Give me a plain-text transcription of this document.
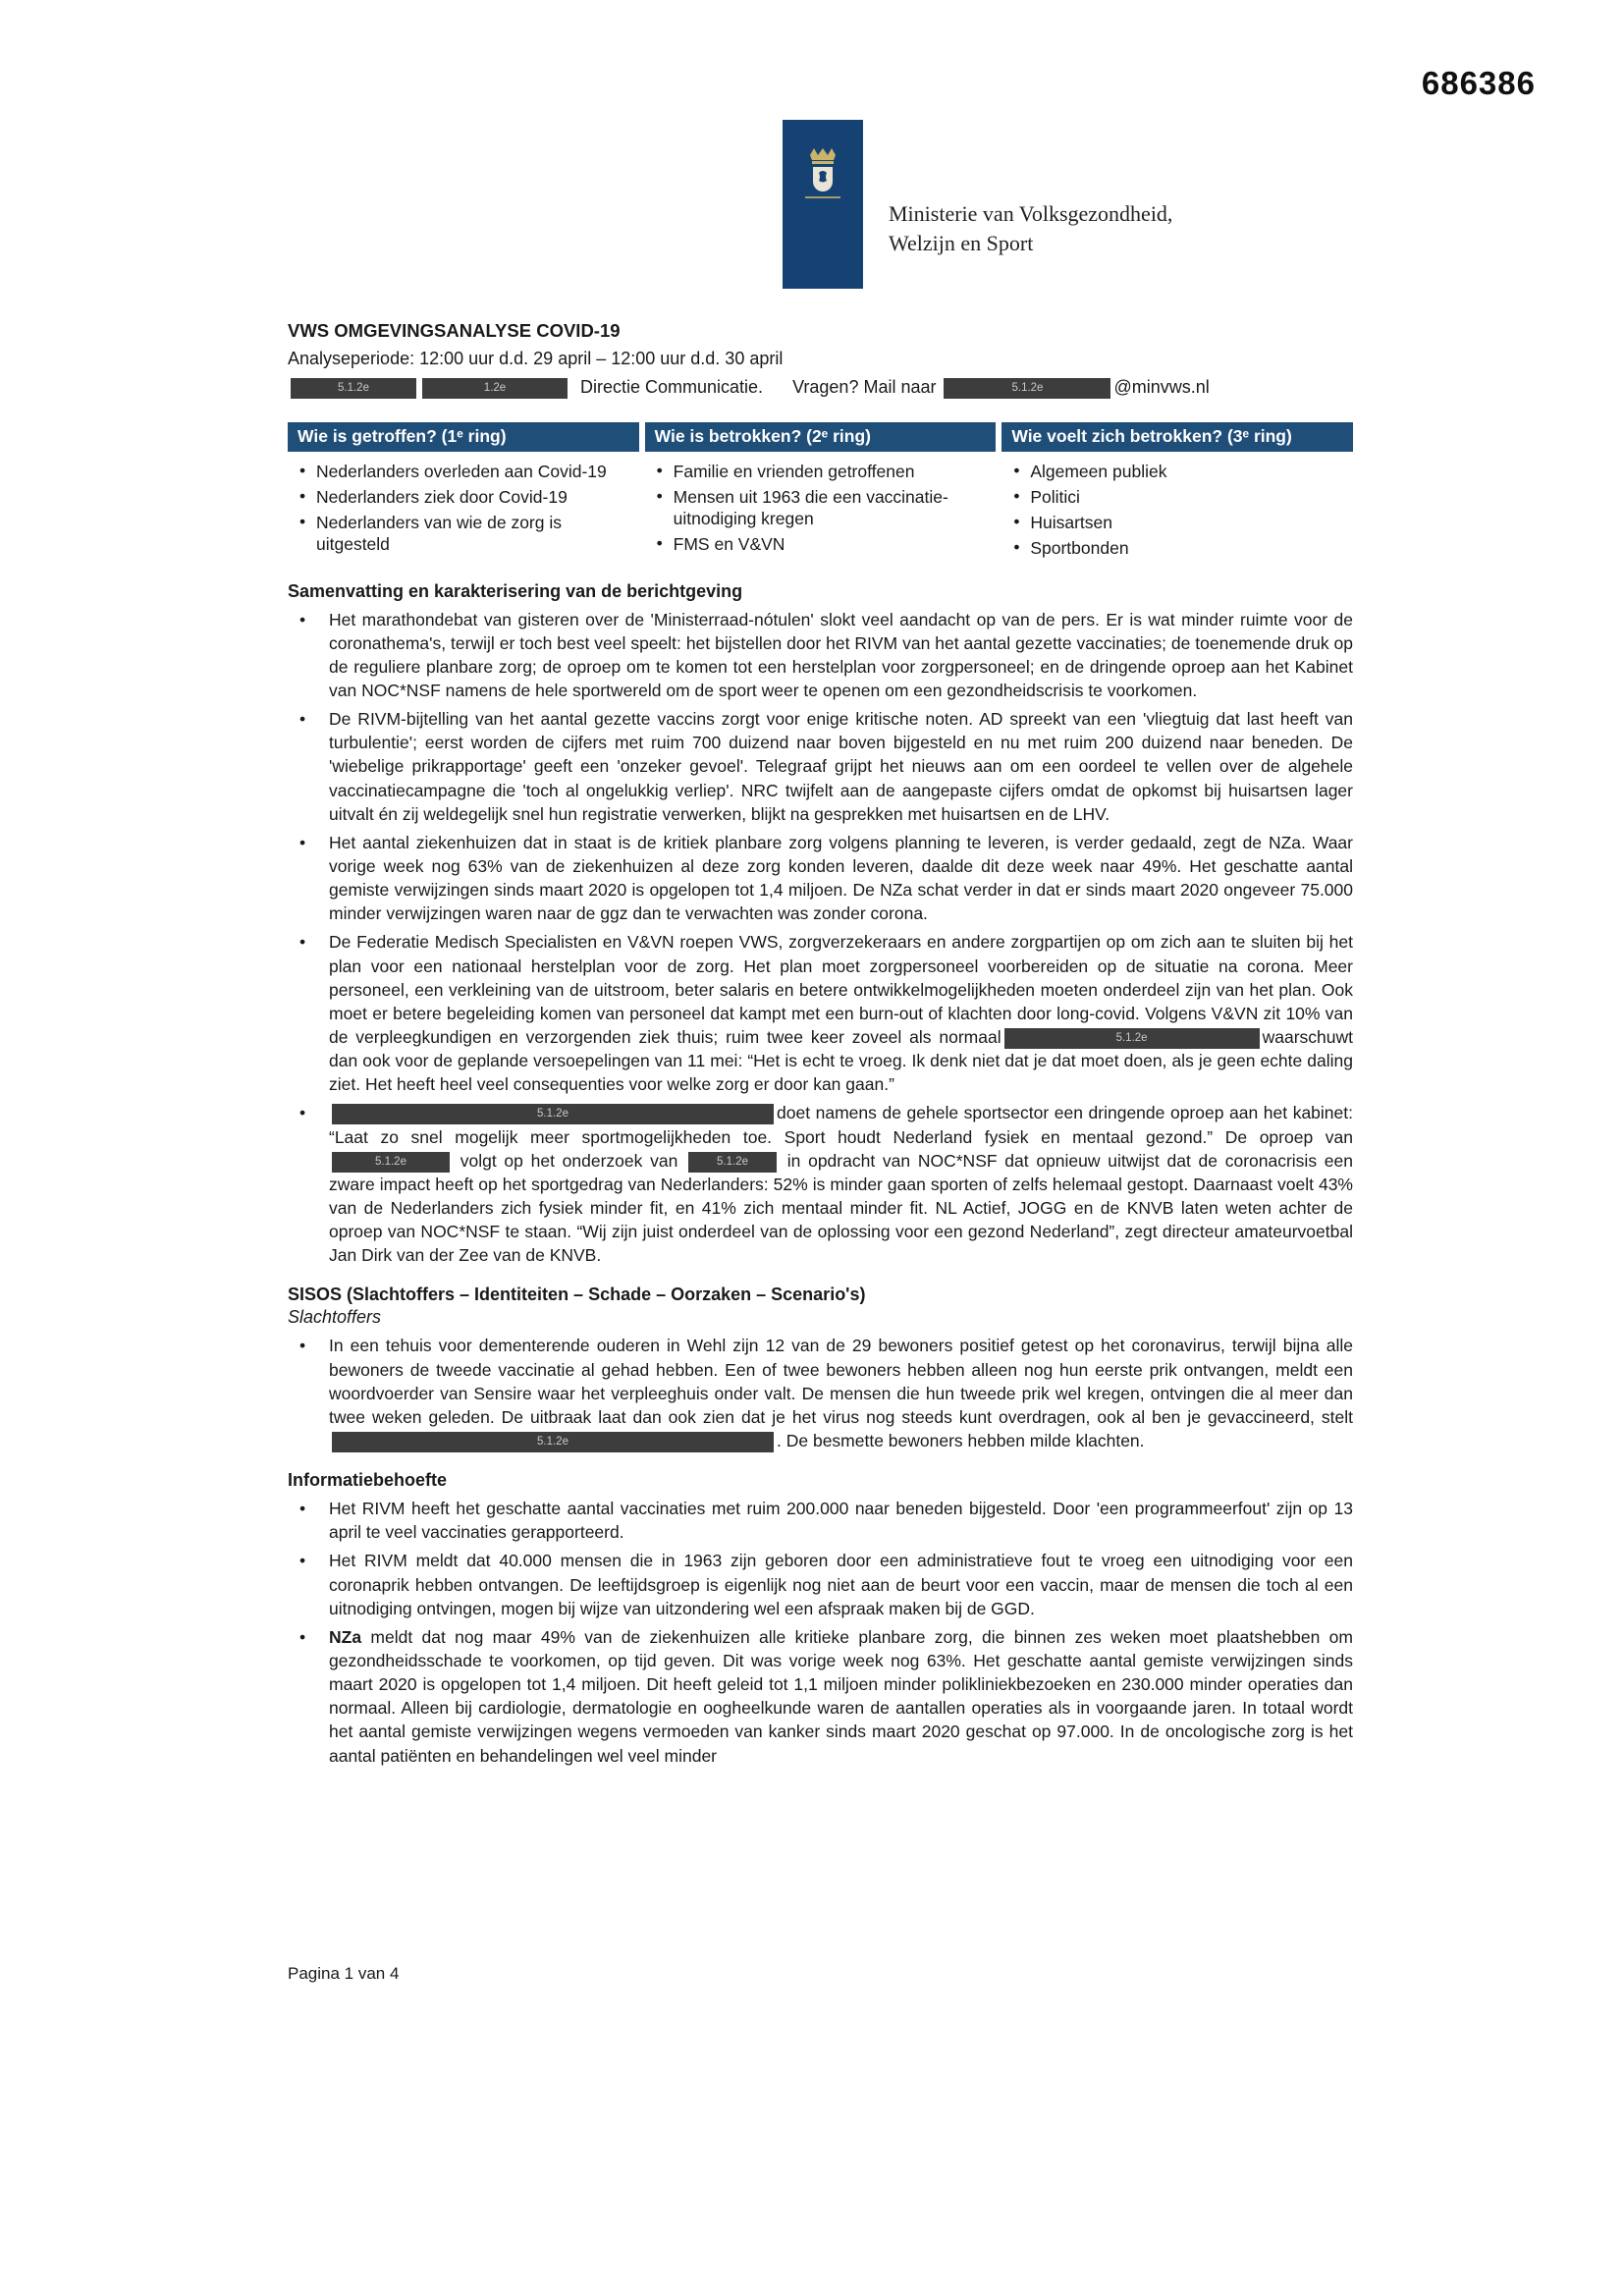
686386
Ministerie van Volksgezondheid,
Welzijn en Sport
VWS OMGEVINGSANALYSE COVID-19
Analyseperiode: 12:00 uur d.d. 29 april – 12:00 uur d.d. 30 april
5.1.2e	1.2e	Directie Communicatie.      Vragen? Mail naar	5.1.2e	@minvws.nl
Wie is getroffen? (1ᵉ ring)
• Nederlanders overleden aan Covid-19
• Nederlanders ziek door Covid-19
• Nederlanders van wie de zorg is uitgesteld
Wie is betrokken? (2ᵉ ring)
• Familie en vrienden getroffenen
• Mensen uit 1963 die een vaccinatie-uitnodiging kregen
• FMS en V&VN
Wie voelt zich betrokken? (3ᵉ ring)
• Algemeen publiek
• Politici
• Huisartsen
• Sportbonden
Samenvatting en karakterisering van de berichtgeving
• Het marathondebat van gisteren over de 'Ministerraad-nótulen' slokt veel aandacht op van de pers. Er is wat minder ruimte voor de coronathema's, terwijl er toch best veel speelt: het bijstellen door het RIVM van het aantal gezette vaccinaties; de toenemende druk op de reguliere planbare zorg; de oproep om te komen tot een herstelplan voor zorgpersoneel; en de dringende oproep aan het Kabinet van NOC*NSF namens de hele sportwereld om de sport weer te openen om een gezondheidscrisis te voorkomen.
• De RIVM-bijtelling van het aantal gezette vaccins zorgt voor enige kritische noten. AD spreekt van een 'vliegtuig dat last heeft van turbulentie'; eerst worden de cijfers met ruim 700 duizend naar boven bijgesteld en nu met ruim 200 duizend naar beneden. De 'wiebelige prikrapportage' geeft een 'onzeker gevoel'. Telegraaf grijpt het nieuws aan om een oordeel te vellen over de algehele vaccinatiecampagne die 'toch al ongelukkig verliep'. NRC twijfelt aan de aangepaste cijfers omdat de opkomst bij huisartsen lager uitvalt én zij weldegelijk snel hun registratie verwerken, blijkt na gesprekken met huisartsen en de LHV.
• Het aantal ziekenhuizen dat in staat is de kritiek planbare zorg volgens planning te leveren, is verder gedaald, zegt de NZa. Waar vorige week nog 63% van de ziekenhuizen al deze zorg konden leveren, daalde dit deze week naar 49%. Het geschatte aantal gemiste verwijzingen sinds maart 2020 is opgelopen tot 1,4 miljoen. De NZa schat verder in dat er sinds maart 2020 ongeveer 75.000 minder verwijzingen waren naar de ggz dan te verwachten was zonder corona.
• De Federatie Medisch Specialisten en V&VN roepen VWS, zorgverzekeraars en andere zorgpartijen op om zich aan te sluiten bij het plan voor een nationaal herstelplan voor de zorg. Het plan moet zorgpersoneel voorbereiden op de situatie na corona. Meer personeel, een verkleining van de uitstroom, beter salaris en betere ontwikkelmogelijkheden moeten onderdeel zijn van het plan. Ook moet er betere begeleiding komen van personeel dat kampt met een burn-out of klachten door long-covid. Volgens V&VN zit 10% van de verpleegkundigen en verzorgenden ziek thuis; ruim twee keer zoveel als normaal	5.1.2e	waarschuwt dan ook voor de geplande versoepelingen van 11 mei: “Het is echt te vroeg. Ik denk niet dat je dat moet doen, als je geen echte daling ziet. Het heeft heel veel consequenties voor welke zorg er door kan gaan.”
• 5.1.2e	doet namens de gehele sportsector een dringende oproep aan het kabinet: “Laat zo snel mogelijk meer sportmogelijkheden toe. Sport houdt Nederland fysiek en mentaal gezond.” De oproep van 5.1.2e	volgt op het onderzoek van	5.1.2e in opdracht van NOC*NSF dat opnieuw uitwijst dat de coronacrisis een zware impact heeft op het sportgedrag van Nederlanders: 52% is minder gaan sporten of zelfs helemaal gestopt. Daarnaast voelt 43% van de Nederlanders zich fysiek minder fit, en 41% zich mentaal minder fit. NL Actief, JOGG en de KNVB laten weten achter de oproep van NOC*NSF te staan. “Wij zijn juist onderdeel van de oplossing voor een gezond Nederland”, zegt directeur amateurvoetbal Jan Dirk van der Zee van de KNVB.
SISOS (Slachtoffers – Identiteiten – Schade – Oorzaken – Scenario's)
Slachtoffers
• In een tehuis voor dementerende ouderen in Wehl zijn 12 van de 29 bewoners positief getest op het coronavirus, terwijl bijna alle bewoners de tweede vaccinatie al gehad hebben. Een of twee bewoners hebben alleen nog hun eerste prik ontvangen, meldt een woordvoerder van Sensire waar het verpleeghuis onder valt. De mensen die hun tweede prik wel kregen, ontvingen die al meer dan twee weken geleden. De uitbraak laat dan ook zien dat je het virus nog steeds kunt overdragen, ook al ben je gevaccineerd, stelt 5.1.2e	. De besmette bewoners hebben milde klachten.
Informatiebehoefte
• Het RIVM heeft het geschatte aantal vaccinaties met ruim 200.000 naar beneden bijgesteld. Door 'een programmeerfout' zijn op 13 april te veel vaccinaties gerapporteerd.
• Het RIVM meldt dat 40.000 mensen die in 1963 zijn geboren door een administratieve fout te vroeg een uitnodiging voor een coronaprik hebben ontvangen. De leeftijdsgroep is eigenlijk nog niet aan de beurt voor een vaccin, maar de mensen die toch al een uitnodiging ontvingen, mogen bij wijze van uitzondering wel een afspraak maken bij de GGD.
• NZa meldt dat nog maar 49% van de ziekenhuizen alle kritieke planbare zorg, die binnen zes weken moet plaatshebben om gezondheidsschade te voorkomen, op tijd geven. Dit was vorige week nog 63%. Het geschatte aantal gemiste verwijzingen sinds maart 2020 is opgelopen tot 1,4 miljoen. Dit heeft geleid tot 1,1 miljoen minder polikliniekbezoeken en 230.000 minder operaties dan normaal. Alleen bij cardiologie, dermatologie en oogheelkunde waren de aantallen operaties als in voorgaande jaren. In totaal wordt het aantal gemiste verwijzingen wegens vermoeden van kanker sinds maart 2020 geschat op 97.000. In de oncologische zorg is het aantal patiënten en behandelingen wel veel minder
Pagina 1 van 4
